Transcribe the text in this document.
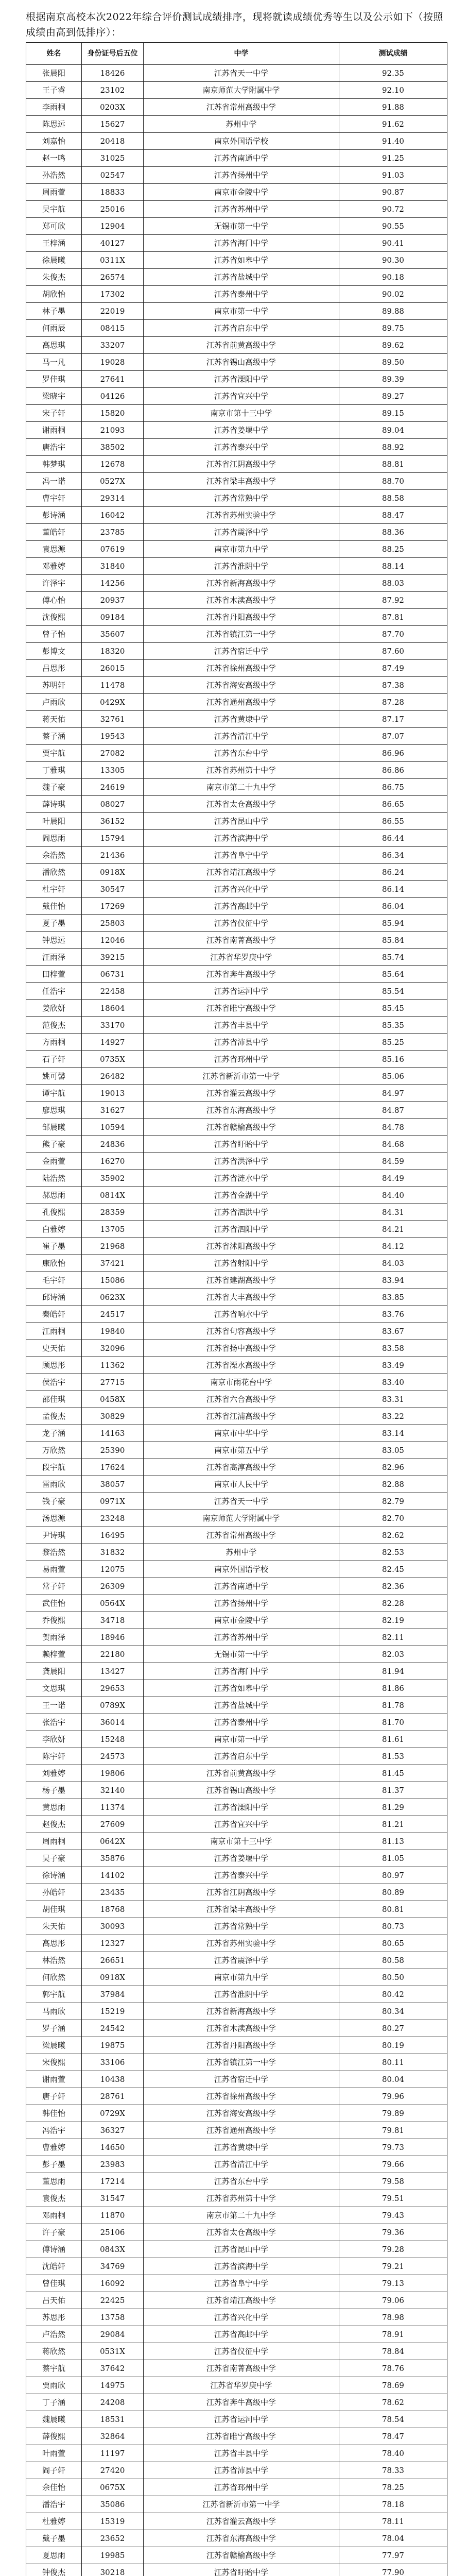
根据南京高校本次2022年综合评价测试成绩排序，现将就读成绩优秀等生以及公示如下（按照成绩由高到低排序）：
姓名	身份证号后五位	中学	测试成绩
张晨阳	18426	江苏省天一中学	92.35
王子睿	23102	南京师范大学附属中学	92.10
李雨桐	0203X	江苏省常州高级中学	91.88
陈思远	15627	苏州中学	91.62
刘嘉怡	20418	南京外国语学校	91.40
赵一鸣	31025	江苏省南通中学	91.25
孙浩然	02547	江苏省扬州中学	91.03
周雨萱	18833	南京市金陵中学	90.87
吴宇航	25016	江苏省苏州中学	90.72
郑可欣	12904	无锡市第一中学	90.55
王梓涵	40127	江苏省海门中学	90.41
徐晨曦	0311X	江苏省如皋中学	90.30
朱俊杰	26574	江苏省盐城中学	90.18
胡欣怡	17302	江苏省泰州中学	90.02
林子墨	22019	南京市第一中学	89.88
何雨辰	08415	江苏省启东中学	89.75
高思琪	33207	江苏省前黄高级中学	89.62
马一凡	19028	江苏省锡山高级中学	89.50
罗佳琪	27641	江苏省溧阳中学	89.39
梁晓宇	04126	江苏省宜兴中学	89.27
宋子轩	15820	南京市第十三中学	89.15
谢雨桐	21093	江苏省姜堰中学	89.04
唐浩宇	38502	江苏省泰兴中学	88.92
韩梦琪	12678	江苏省江阴高级中学	88.81
冯一诺	0527X	江苏省梁丰高级中学	88.70
曹宇轩	29314	江苏省常熟中学	88.58
彭诗涵	16042	江苏省苏州实验中学	88.47
董皓轩	23785	江苏省震泽中学	88.36
袁思源	07619	南京市第九中学	88.25
邓雅婷	31840	江苏省淮阴中学	88.14
许泽宇	14256	江苏省新海高级中学	88.03
傅心怡	20937	江苏省木渎高级中学	87.92
沈俊熙	09184	江苏省丹阳高级中学	87.81
曾子怡	35607	江苏省镇江第一中学	87.70
彭博文	18320	江苏省宿迁中学	87.60
吕思彤	26015	江苏省徐州高级中学	87.49
苏明轩	11478	江苏省海安高级中学	87.38
卢雨欣	0429X	江苏省通州高级中学	87.28
蒋天佑	32761	江苏省黄埭中学	87.17
蔡子涵	19543	江苏省清江中学	87.07
贾宇航	27082	江苏省东台中学	86.96
丁雅琪	13305	江苏省苏州第十中学	86.86
魏子豪	24619	南京市第二十九中学	86.75
薛诗琪	08027	江苏省太仓高级中学	86.65
叶晨阳	36152	江苏省昆山中学	86.55
阎思雨	15794	江苏省滨海中学	86.44
余浩然	21436	江苏省阜宁中学	86.34
潘欣然	0918X	江苏省靖江高级中学	86.24
杜宇轩	30547	江苏省兴化中学	86.14
戴佳怡	17269	江苏省高邮中学	86.04
夏子墨	25803	江苏省仪征中学	85.94
钟思远	12046	江苏省南菁高级中学	85.84
汪雨泽	39215	江苏省华罗庚中学	85.74
田梓萱	06731	江苏省奔牛高级中学	85.64
任浩宇	22458	江苏省运河中学	85.54
姜欣妍	18604	江苏省睢宁高级中学	85.45
范俊杰	33170	江苏省丰县中学	85.35
方雨桐	14927	江苏省沛县中学	85.25
石子轩	0735X	江苏省邳州中学	85.16
姚可馨	26482	江苏省新沂市第一中学	85.06
谭宇航	19013	江苏省灌云高级中学	84.97
廖思琪	31627	江苏省东海高级中学	84.87
邹晨曦	10594	江苏省赣榆高级中学	84.78
熊子豪	24836	江苏省盱眙中学	84.68
金雨萱	16270	江苏省洪泽中学	84.59
陆浩然	35902	江苏省涟水中学	84.49
郝思雨	0814X	江苏省金湖中学	84.40
孔俊熙	28359	江苏省泗洪中学	84.31
白雅婷	13705	江苏省泗阳中学	84.21
崔子墨	21968	江苏省沭阳高级中学	84.12
康欣怡	37421	江苏省射阳中学	84.03
毛宇轩	15086	江苏省建湖高级中学	83.94
邱诗涵	0623X	江苏省大丰高级中学	83.85
秦皓轩	24517	江苏省响水中学	83.76
江雨桐	19840	江苏省句容高级中学	83.67
史天佑	32096	江苏省扬中高级中学	83.58
顾思彤	11362	江苏省溧水高级中学	83.49
侯浩宇	27715	南京市雨花台中学	83.40
邵佳琪	0458X	江苏省六合高级中学	83.31
孟俊杰	30829	江苏省江浦高级中学	83.22
龙子涵	14163	南京市中华中学	83.14
万欣然	25390	南京市第五中学	83.05
段宇航	17624	江苏省高淳高级中学	82.96
雷雨欣	38057	南京市人民中学	82.88
钱子豪	0971X	江苏省天一中学	82.79
汤思源	23248	南京师范大学附属中学	82.70
尹诗琪	16495	江苏省常州高级中学	82.62
黎浩然	31832	苏州中学	82.53
易雨萱	12075	南京外国语学校	82.45
常子轩	26309	江苏省南通中学	82.36
武佳怡	0564X	江苏省扬州中学	82.28
乔俊熙	34718	南京市金陵中学	82.19
贺雨泽	18946	江苏省苏州中学	82.11
赖梓萱	22180	无锡市第一中学	82.03
龚晨阳	13427	江苏省海门中学	81.94
文思琪	29653	江苏省如皋中学	81.86
王一诺	0789X	江苏省盐城中学	81.78
张浩宇	36014	江苏省泰州中学	81.70
李欣妍	15248	南京市第一中学	81.61
陈宇轩	24573	江苏省启东中学	81.53
刘雅婷	19806	江苏省前黄高级中学	81.45
杨子墨	32140	江苏省锡山高级中学	81.37
黄思雨	11374	江苏省溧阳中学	81.29
赵俊杰	27609	江苏省宜兴中学	81.21
周雨桐	0642X	南京市第十三中学	81.13
吴子豪	35876	江苏省姜堰中学	81.05
徐诗涵	14102	江苏省泰兴中学	80.97
孙皓轩	23435	江苏省江阴高级中学	80.89
胡佳琪	18768	江苏省梁丰高级中学	80.81
朱天佑	30093	江苏省常熟中学	80.73
高思彤	12327	江苏省苏州实验中学	80.65
林浩然	26651	江苏省震泽中学	80.58
何欣然	0918X	南京市第九中学	80.50
郭宇航	37984	江苏省淮阴中学	80.42
马雨欣	15219	江苏省新海高级中学	80.34
罗子涵	24542	江苏省木渎高级中学	80.27
梁晨曦	19875	江苏省丹阳高级中学	80.19
宋俊熙	33106	江苏省镇江第一中学	80.11
谢雨萱	10438	江苏省宿迁中学	80.04
唐子轩	28761	江苏省徐州高级中学	79.96
韩佳怡	0729X	江苏省海安高级中学	79.89
冯浩宇	36327	江苏省通州高级中学	79.81
曹雅婷	14650	江苏省黄埭中学	79.73
彭子墨	23983	江苏省清江中学	79.66
董思雨	17214	江苏省东台中学	79.58
袁俊杰	31547	江苏省苏州第十中学	79.51
邓雨桐	11870	南京市第二十九中学	79.43
许子豪	25106	江苏省太仓高级中学	79.36
傅诗涵	0843X	江苏省昆山中学	79.28
沈皓轩	34769	江苏省滨海中学	79.21
曾佳琪	16092	江苏省阜宁中学	79.13
吕天佑	22425	江苏省靖江高级中学	79.06
苏思彤	13758	江苏省兴化中学	78.98
卢浩然	29084	江苏省高邮中学	78.91
蒋欣然	0531X	江苏省仪征中学	78.84
蔡宇航	37642	江苏省南菁高级中学	78.76
贾雨欣	14975	江苏省华罗庚中学	78.69
丁子涵	24208	江苏省奔牛高级中学	78.62
魏晨曦	18531	江苏省运河中学	78.54
薛俊熙	32864	江苏省睢宁高级中学	78.47
叶雨萱	11197	江苏省丰县中学	78.40
阎子轩	27420	江苏省沛县中学	78.33
余佳怡	0675X	江苏省邳州中学	78.25
潘浩宇	35086	江苏省新沂市第一中学	78.18
杜雅婷	15319	江苏省灌云高级中学	78.11
戴子墨	23652	江苏省东海高级中学	78.04
夏思雨	19985	江苏省赣榆高级中学	77.97
钟俊杰	30218	江苏省盱眙中学	77.90
